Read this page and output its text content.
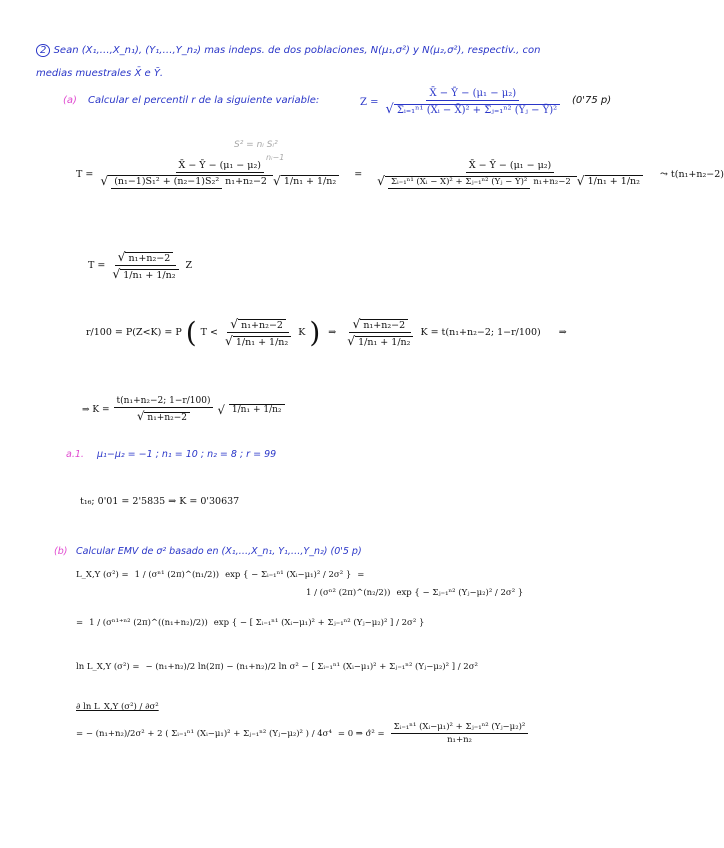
2 Sean (X₁,…,X_n₁), (Y₁,…,Y_n₂) mas indeps. de dos poblaciones, N(μ₁,σ²) y N(μ₂,σ²), respectiv., con
medias muestrales X̄ e Ȳ.
(a) Calcular el percentil r de la siguiente variable:	Z = X̄ − Ȳ − (μ₁ − μ₂)
√ Σᵢ₌₁ⁿ¹ (Xᵢ − X̄)² + Σⱼ₌₁ⁿ² (Yⱼ − Ȳ)² (0'75 p)
S² = nᵢ Sᵢ²
nᵢ−1
T = X̄ − Ȳ − (μ₁ − μ₂)
√
(n₁−1)S₁² + (n₂−1)S₂² n₁+n₂−2 √	1/n₁ + 1/n₂ =
X̄ − Ȳ − (μ₁ − μ₂)
√
Σᵢ₌₁ⁿ¹ (Xᵢ − X̄)² + Σⱼ₌₁ⁿ² (Yⱼ − Ȳ)² n₁+n₂−2 √	1/n₁ + 1/n₂
⤳ t(n₁+n₂−2)
T = √ n₁+n₂−2
√ 1/n₁ + 1/n₂ Z
r/100 = P(Z<K) = P ( T < √ n₁+n₂−2
√ 1/n₁ + 1/n₂ K ) ⇒ √ n₁+n₂−2
√ 1/n₁ + 1/n₂ K = t(n₁+n₂−2; 1−r/100) ⇒
⇒ K = t(n₁+n₂−2; 1−r/100)
√ n₁+n₂−2 √	1/n₁ + 1/n₂
a.1. μ₁−μ₂ = −1 ; n₁ = 10 ; n₂ = 8 ; r = 99
t₁₆; 0'01 = 2'5835 ⇒ K = 0'30637
(b) Calcular EMV de σ² basado en (X₁,…,X_n₁, Y₁,…,Y_n₂) (0'5 p)
L_X,Y (σ²) = 1 / (σⁿ¹ (2π)^(n₁/2)) exp { − Σᵢ₌₁ⁿ¹ (Xᵢ−μ₁)² / 2σ² } =
1 / (σⁿ² (2π)^(n₂/2)) exp { − Σⱼ₌₁ⁿ² (Yⱼ−μ₂)² / 2σ² }
= 1 / (σⁿ¹⁺ⁿ² (2π)^((n₁+n₂)/2)) exp { − [ Σᵢ₌₁ⁿ¹ (Xᵢ−μ₁)² + Σⱼ₌₁ⁿ² (Yⱼ−μ₂)² ] / 2σ² }
ln L_X,Y (σ²) = − (n₁+n₂)/2 ln(2π) − (n₁+n₂)/2 ln σ² − [ Σᵢ₌₁ⁿ¹ (Xᵢ−μ₁)² + Σⱼ₌₁ⁿ² (Yⱼ−μ₂)² ] / 2σ²
∂ ln L_X,Y (σ²) / ∂σ²
= − (n₁+n₂)/2σ² + 2 ( Σᵢ₌₁ⁿ¹ (Xᵢ−μ₁)² + Σⱼ₌₁ⁿ² (Yⱼ−μ₂)² ) / 4σ⁴ = 0 ⇒ σ̂² = $\frac{\text{Σᵢ₌₁ⁿ¹ (Xᵢ−μ₁)² + Σⱼ₌₁ⁿ² (Yⱼ−μ₂)²}}{\text{n₁+n₂}}$
